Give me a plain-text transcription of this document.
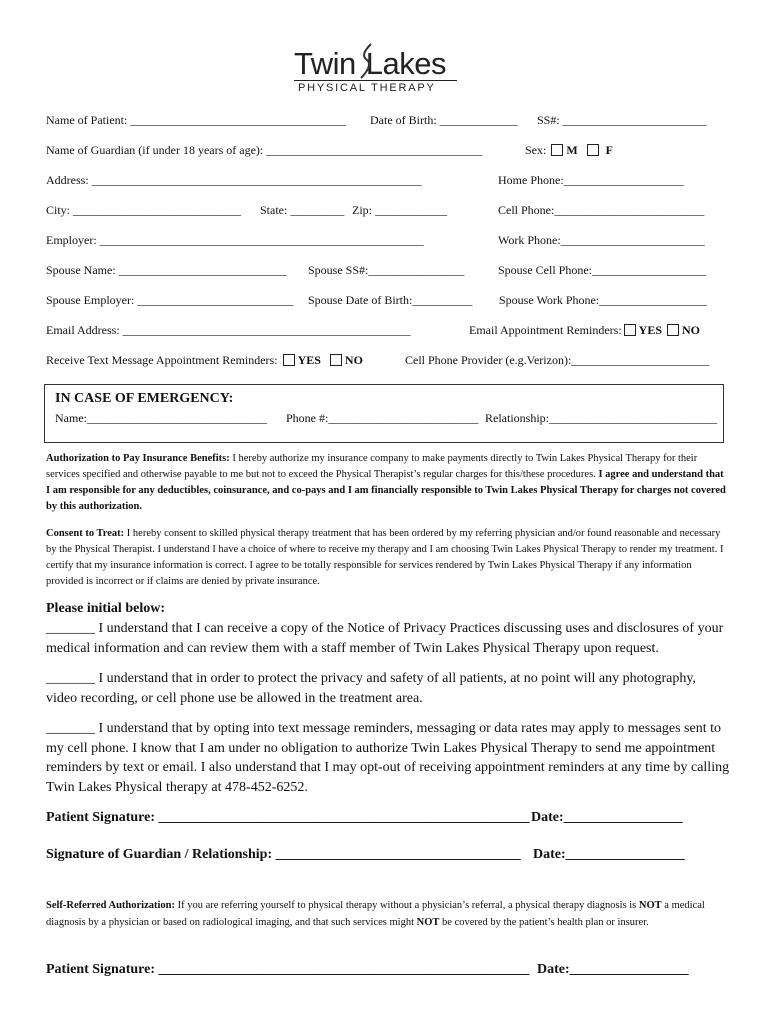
Twin Lakes
PHYSICAL THERAPY
Name of Patient: ____________________________________ Date of Birth: _____________ SS#: ________________________
Name of Guardian (if under 18 years of age): ____________________________________	Sex: M F
Address: _______________________________________________________	Home Phone:____________________
City: ____________________________ State: _________ Zip: ____________	Cell Phone:_________________________
Employer: ______________________________________________________	Work Phone:________________________
Spouse Name: ____________________________ Spouse SS#:________________	Spouse Cell Phone:___________________
Spouse Employer: __________________________ Spouse Date of Birth:__________ Spouse Work Phone:__________________
Email Address: ________________________________________________	Email Appointment Reminders: YES NO
Receive Text Message Appointment Reminders: YES NO	Cell Phone Provider (e.g.Verizon):_______________________
IN CASE OF EMERGENCY:
Name:______________________________ Phone #:_________________________ Relationship:____________________________
Authorization to Pay Insurance Benefits: I hereby authorize my insurance company to make payments directly to Twin Lakes Physical Therapy for their services specified and otherwise payable to me but not to exceed the Physical Therapist’s regular charges for this/these procedures. I agree and understand that I am responsible for any deductibles, coinsurance, and co-pays and I am financially responsible to Twin Lakes Physical Therapy for charges not covered by this authorization.
Consent to Treat: I hereby consent to skilled physical therapy treatment that has been ordered by my referring physician and/or found reasonable and necessary by the Physical Therapist. I understand I have a choice of where to receive my therapy and I am choosing Twin Lakes Physical Therapy to render my treatment. I certify that my insurance information is correct. I agree to be totally responsible for services rendered by Twin Lakes Physical Therapy if any information provided is incorrect or if claims are denied by private insurance.
Please initial below:
_______ I understand that I can receive a copy of the Notice of Privacy Practices discussing uses and disclosures of your medical information and can review them with a staff member of Twin Lakes Physical Therapy upon request.
_______ I understand that in order to protect the privacy and safety of all patients, at no point will any photography, video recording, or cell phone use be allowed in the treatment area.
_______ I understand that by opting into text message reminders, messaging or data rates may apply to messages sent to my cell phone. I know that I am under no obligation to authorize Twin Lakes Physical Therapy to send me appointment reminders by text or email. I also understand that I may opt-out of receiving appointment reminders at any time by calling Twin Lakes Physical therapy at 478-452-6252.
Patient Signature: _____________________________________________________ Date:_________________
Signature of Guardian / Relationship: ___________________________________ Date:_________________
Self-Referred Authorization: If you are referring yourself to physical therapy without a physician’s referral, a physical therapy diagnosis is NOT a medical diagnosis by a physician or based on radiological imaging, and that such services might NOT be covered by the patient’s health plan or insurer.
Patient Signature: _____________________________________________________ Date:_________________
